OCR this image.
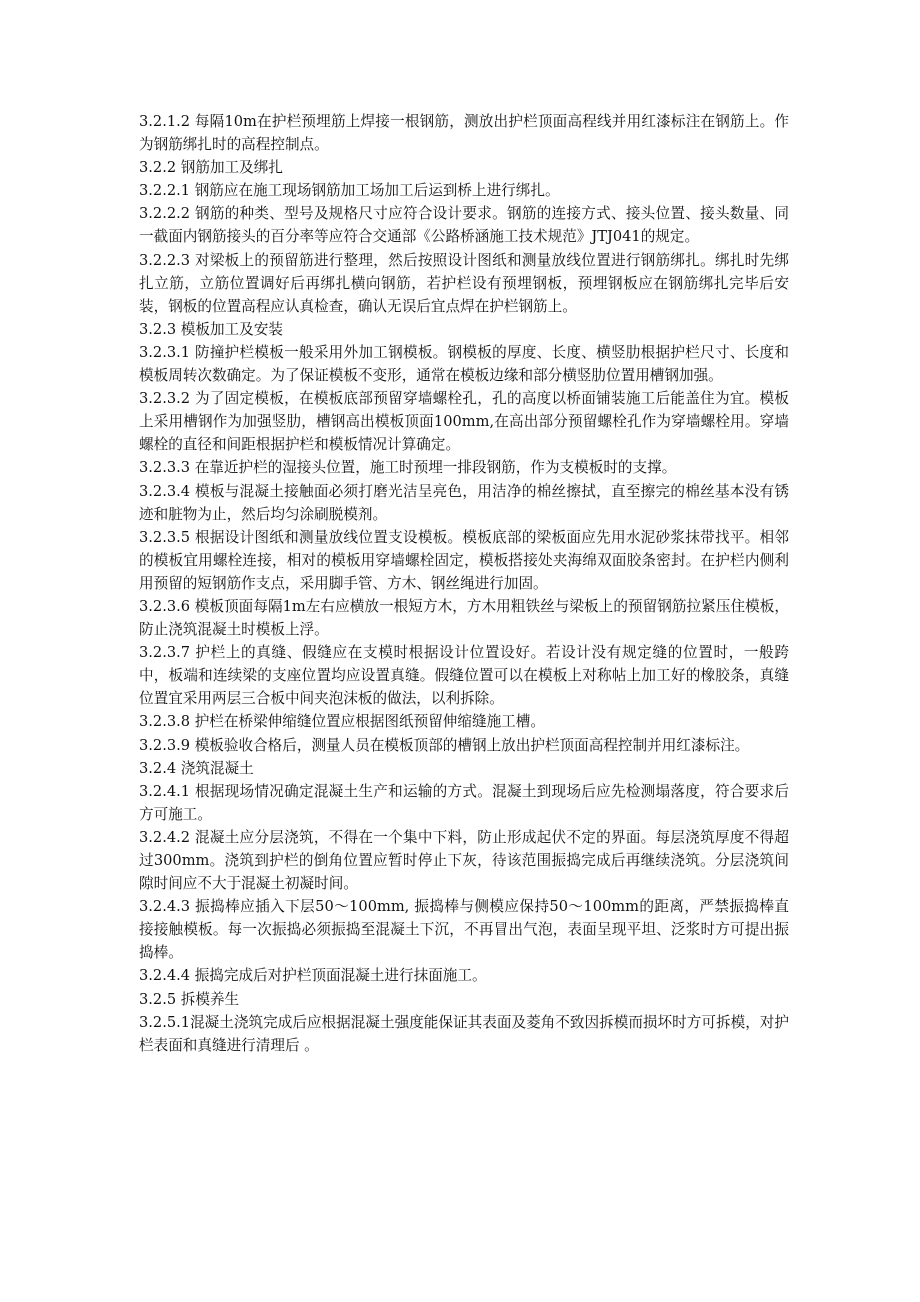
3.2.1.2 每隔10m在护栏预埋筋上焊接一根钢筋，测放出护栏顶面高程线并用红漆标注在钢筋上。作为钢筋绑扎时的高程控制点。

3.2.2 钢筋加工及绑扎

3.2.2.1 钢筋应在施工现场钢筋加工场加工后运到桥上进行绑扎。

3.2.2.2 钢筋的种类、型号及规格尺寸应符合设计要求。钢筋的连接方式、接头位置、接头数量、同一截面内钢筋接头的百分率等应符合交通部《公路桥涵施工技术规范》JTJ041的规定。

3.2.2.3 对梁板上的预留筋进行整理，然后按照设计图纸和测量放线位置进行钢筋绑扎。绑扎时先绑扎立筋，立筋位置调好后再绑扎横向钢筋，若护栏设有预埋钢板，预埋钢板应在钢筋绑扎完毕后安装，钢板的位置高程应认真检查，确认无误后宜点焊在护栏钢筋上。

3.2.3 模板加工及安装

3.2.3.1 防撞护栏模板一般采用外加工钢模板。钢模板的厚度、长度、横竖肋根据护栏尺寸、长度和模板周转次数确定。为了保证模板不变形，通常在模板边缘和部分横竖肋位置用槽钢加强。

3.2.3.2 为了固定模板，在模板底部预留穿墙螺栓孔，孔的高度以桥面铺装施工后能盖住为宜。模板上采用槽钢作为加强竖肋，槽钢高出模板顶面100mm,在高出部分预留螺栓孔作为穿墙螺栓用。穿墙螺栓的直径和间距根据护栏和模板情况计算确定。

3.2.3.3 在靠近护栏的湿接头位置，施工时预埋一排段钢筋，作为支模板时的支撑。

3.2.3.4 模板与混凝土接触面必须打磨光洁呈亮色，用洁净的棉丝擦拭，直至擦完的棉丝基本没有锈迹和脏物为止，然后均匀涂刷脱模剂。

3.2.3.5 根据设计图纸和测量放线位置支设模板。模板底部的梁板面应先用水泥砂浆抹带找平。相邻的模板宜用螺栓连接，相对的模板用穿墙螺栓固定，模板搭接处夹海绵双面胶条密封。在护栏内侧利用预留的短钢筋作支点，采用脚手管、方木、钢丝绳进行加固。

3.2.3.6 模板顶面每隔1m左右应横放一根短方木，方木用粗铁丝与梁板上的预留钢筋拉紧压住模板，防止浇筑混凝土时模板上浮。

3.2.3.7 护栏上的真缝、假缝应在支模时根据设计位置设好。若设计没有规定缝的位置时，一般跨中，板端和连续梁的支座位置均应设置真缝。假缝位置可以在模板上对称帖上加工好的橡胶条，真缝位置宜采用两层三合板中间夹泡沫板的做法，以利拆除。

3.2.3.8 护栏在桥梁伸缩缝位置应根据图纸预留伸缩缝施工槽。

3.2.3.9 模板验收合格后，测量人员在模板顶部的槽钢上放出护栏顶面高程控制并用红漆标注。

3.2.4 浇筑混凝土

3.2.4.1 根据现场情况确定混凝土生产和运输的方式。混凝土到现场后应先检测塌落度，符合要求后方可施工。

3.2.4.2 混凝土应分层浇筑，不得在一个集中下料，防止形成起伏不定的界面。每层浇筑厚度不得超过300mm。浇筑到护栏的倒角位置应暂时停止下灰，待该范围振捣完成后再继续浇筑。分层浇筑间隙时间应不大于混凝土初凝时间。

3.2.4.3 振捣棒应插入下层50～100mm, 振捣棒与侧模应保持50～100mm的距离，严禁振捣棒直接接触模板。每一次振捣必须振捣至混凝土下沉，不再冒出气泡，表面呈现平坦、泛浆时方可提出振捣棒。

3.2.4.4 振捣完成后对护栏顶面混凝土进行抹面施工。

3.2.5 拆模养生

3.2.5.1混凝土浇筑完成后应根据混凝土强度能保证其表面及菱角不致因拆模而损坏时方可拆模，对护栏表面和真缝进行清理后 。
